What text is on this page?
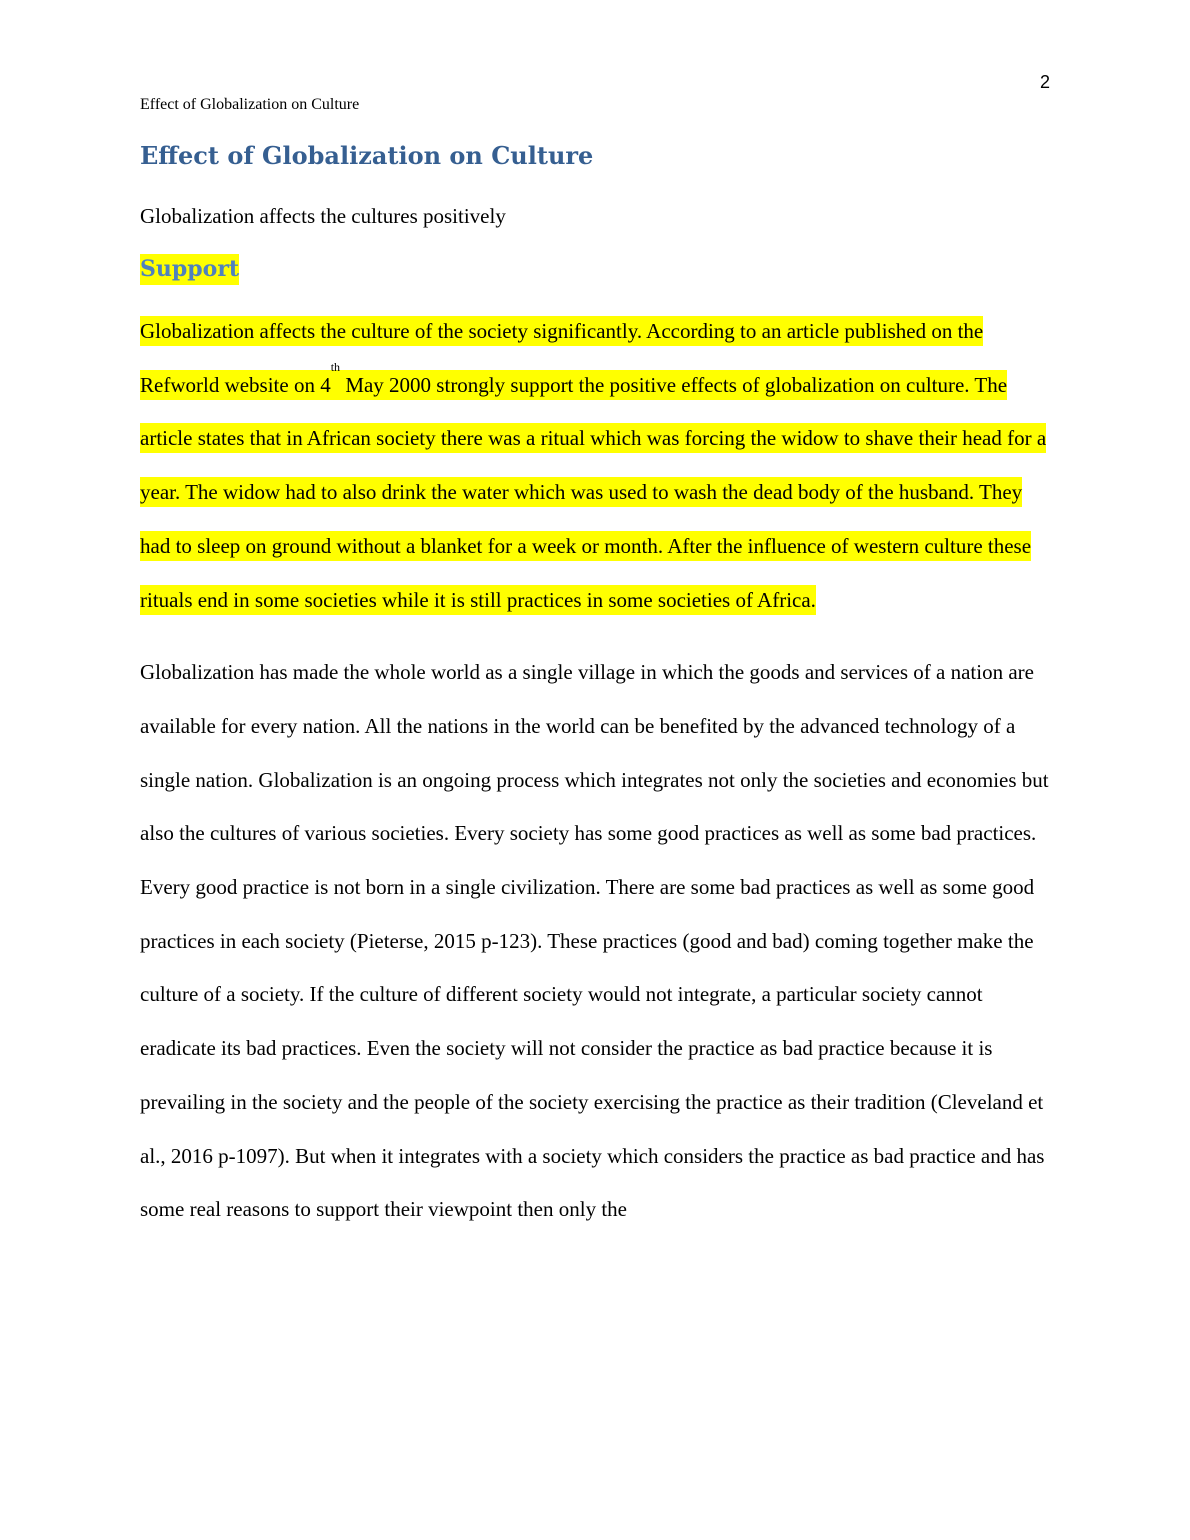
2
Effect of Globalization on Culture
Effect of Globalization on Culture

Globalization affects the cultures positively

Support

Globalization affects the culture of the society significantly. According to an article published on the Refworld website on 4th May 2000 strongly support the positive effects of globalization on culture. The article states that in African society there was a ritual which was forcing the widow to shave their head for a year. The widow had to also drink the water which was used to wash the dead body of the husband. They had to sleep on ground without a blanket for a week or month. After the influence of western culture these rituals end in some societies while it is still practices in some societies of Africa.

Globalization has made the whole world as a single village in which the goods and services of a nation are available for every nation. All the nations in the world can be benefited by the advanced technology of a single nation. Globalization is an ongoing process which integrates not only the societies and economies but also the cultures of various societies. Every society has some good practices as well as some bad practices. Every good practice is not born in a single civilization. There are some bad practices as well as some good practices in each society (Pieterse, 2015 p-123). These practices (good and bad) coming together make the culture of a society. If the culture of different society would not integrate, a particular society cannot eradicate its bad practices. Even the society will not consider the practice as bad practice because it is prevailing in the society and the people of the society exercising the practice as their tradition (Cleveland et al., 2016 p-1097). But when it integrates with a society which considers the practice as bad practice and has some real reasons to support their viewpoint then only the
